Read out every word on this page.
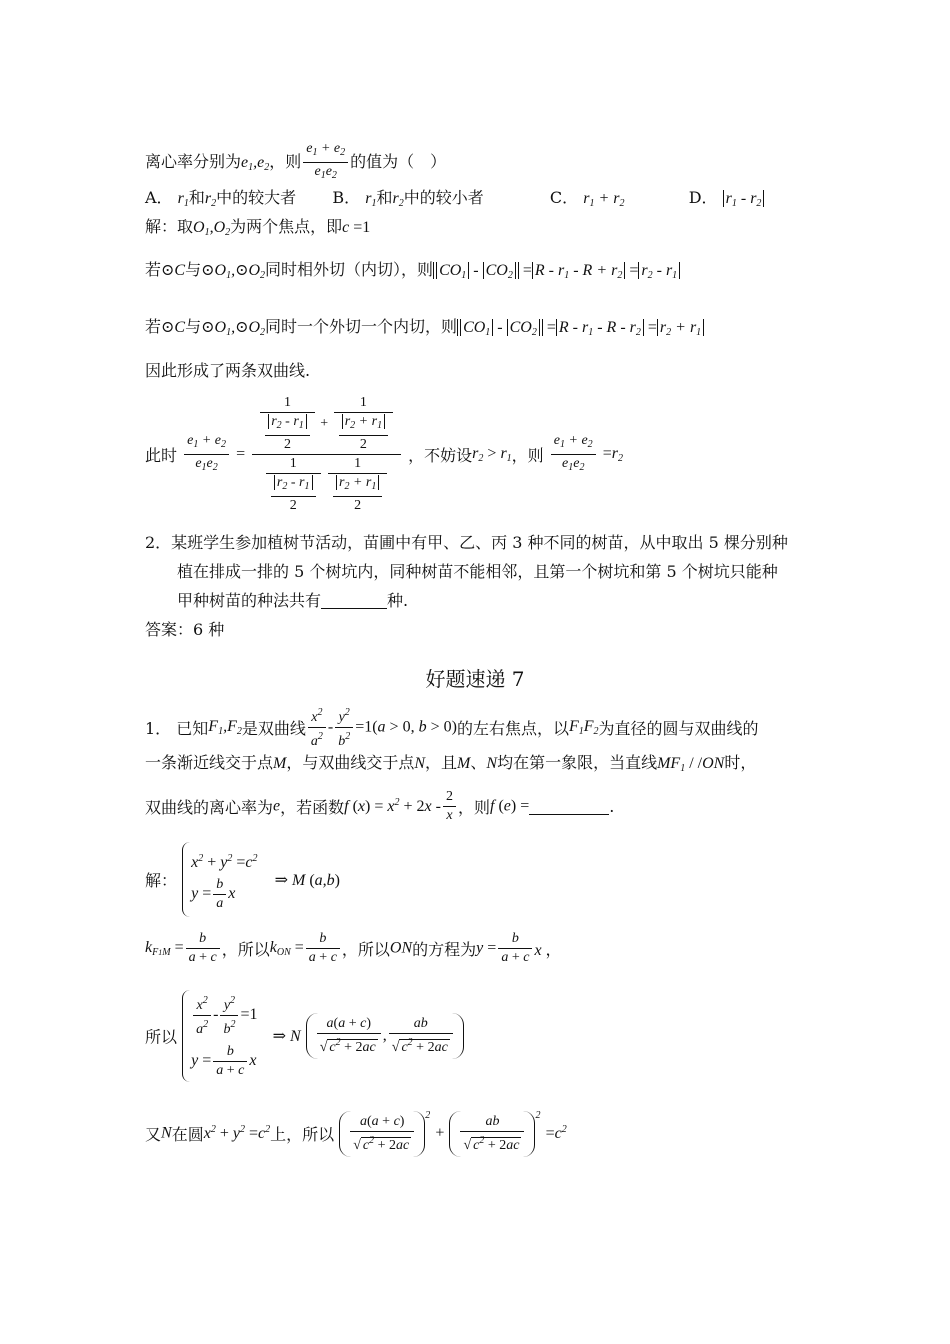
离心率分别为$e_1,e_2$，则 $\frac{e_1 + e_2}{e_1e_2}$ 的值为（　）
A． $r_1$和$r_2$中的较大者 B． $r_1$和$r_2$中的较小者	C． $r_1 + r_2$	D． $r_1 - r_2$
解：取$O_1,O_2$为两个焦点，即c =1
若⊙C与$⊙O_1,⊙O_2$同时相外切（内切），则 $CO_1 - CO_2 = R - r_1 - R + r_2 = r_2 - r_1$
若⊙C与$⊙O_1,⊙O_2$同时一个外切一个内切，则 $CO_1 - CO_2 = R - r_1 - R - r_2 = r_2 + r_1$
因此形成了两条双曲线.
此时 $\frac{e_1 + e_2}{e_1e_2} = \frac{1}{\frac{r_2 - r_1}{2}} + \frac{1}{\frac{r_2 + r_1}{2}}$
$\frac{1}{\frac{r_2 - r_1}{2}}$
$\frac{1}{\frac{r_2 + r_1}{2}}$ ，不妨设$r_2 > r_1$，则 $\frac{e_1 + e_2}{e_1e_2} =r_2$
2．某班学生参加植树节活动，苗圃中有甲、乙、丙 3 种不同的树苗，从中取出 5 棵分别种
植在排成一排的 5 个树坑内，同种树苗不能相邻，且第一个树坑和第 5 个树坑只能种
甲种树苗的种法共有	种.
答案：6 种
好题速递 7
1． 已知$F_1,F_2$是双曲线 $\frac{x^2}{a^2} - \frac{y^2}{b^2} =1(a > 0$, b > 0)的左右焦点，以$F_1F_2$为直径的圆与双曲线的
一条渐近线交于点M，与双曲线交于点N，且M、N均在第一象限，当直线$MF_1 / /ON$时，
双曲线的离心率为e，若函数f $(x) = x^2 + 2x - \frac{2}{x}$ ，则f (e) =	.
解：
$x^2 + y^2 =c^2$
$y = \frac{b}{a}$ x
⇒ M (a,b)
$k_{F1M} = \frac{b}{a + c}$ ，所以$k_{ON} = \frac{b}{a + c}$ ，所以ON的方程为$y = \frac{b}{a + c}$ x ，
所以 $\frac{x^2}{a^2} - \frac{y^2}{b^2} =1$
$y = \frac{b}{a + c}$ x
⇒ N $\frac{a(a + c)}{√ c^2 + 2ac}$ , $\frac{ab}{√ c^2 + 2ac}$
又N在圆$x^2 + y^2 =c^2$上，所以 $\frac{a(a + c)}{√ c^2 + 2ac} ^2 + \frac{ab}{√ c^2 + 2ac} ^2 =c^2$
